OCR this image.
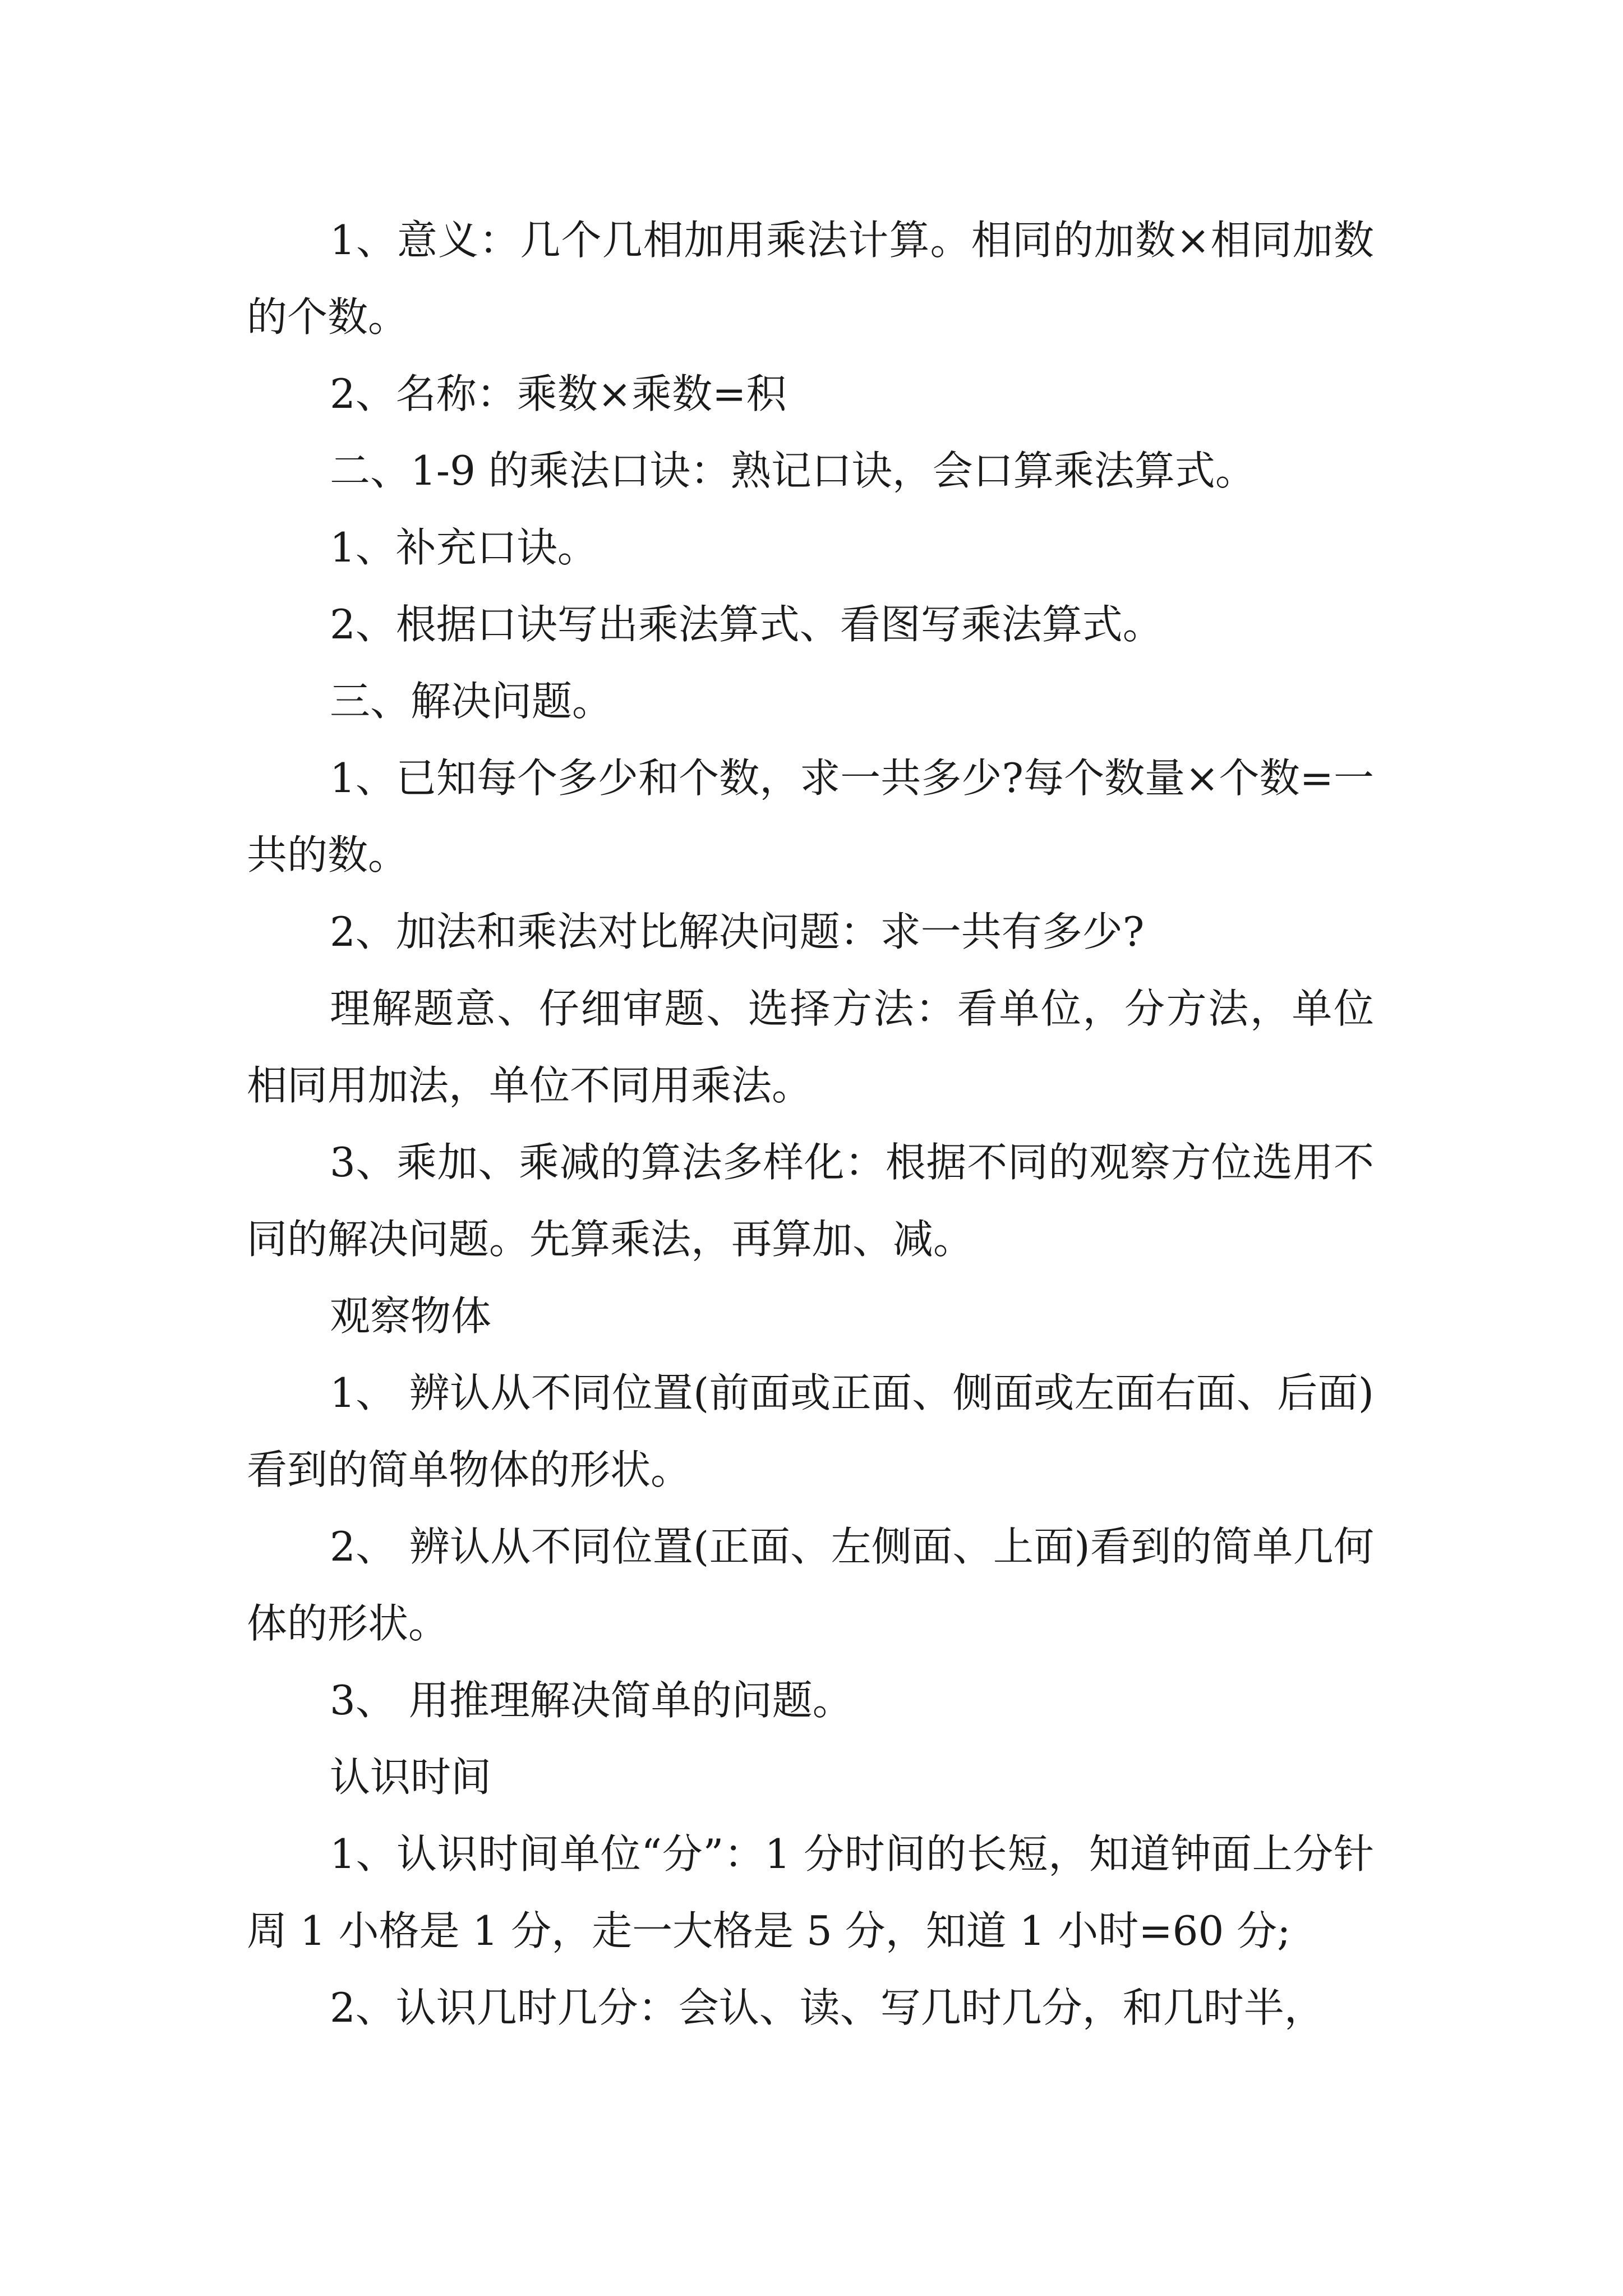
1、意义：几个几相加用乘法计算。相同的加数×相同加数的个数。

2、名称：乘数×乘数=积

二、1-9 的乘法口诀：熟记口诀，会口算乘法算式。

1、补充口诀。

2、根据口诀写出乘法算式、看图写乘法算式。

三、解决问题。

1、已知每个多少和个数，求一共多少?每个数量×个数=一共的数。

2、加法和乘法对比解决问题：求一共有多少?

理解题意、仔细审题、选择方法：看单位，分方法，单位相同用加法，单位不同用乘法。

3、乘加、乘减的算法多样化：根据不同的观察方位选用不同的解决问题。先算乘法，再算加、减。

观察物体

1、 辨认从不同位置(前面或正面、侧面或左面右面、后面)看到的简单物体的形状。

2、 辨认从不同位置(正面、左侧面、上面)看到的简单几何体的形状。

3、 用推理解决简单的问题。

认识时间

1、认识时间单位“分”：1 分时间的长短，知道钟面上分针周 1 小格是 1 分，走一大格是 5 分，知道 1 小时=60 分;

2、认识几时几分：会认、读、写几时几分，和几时半，
